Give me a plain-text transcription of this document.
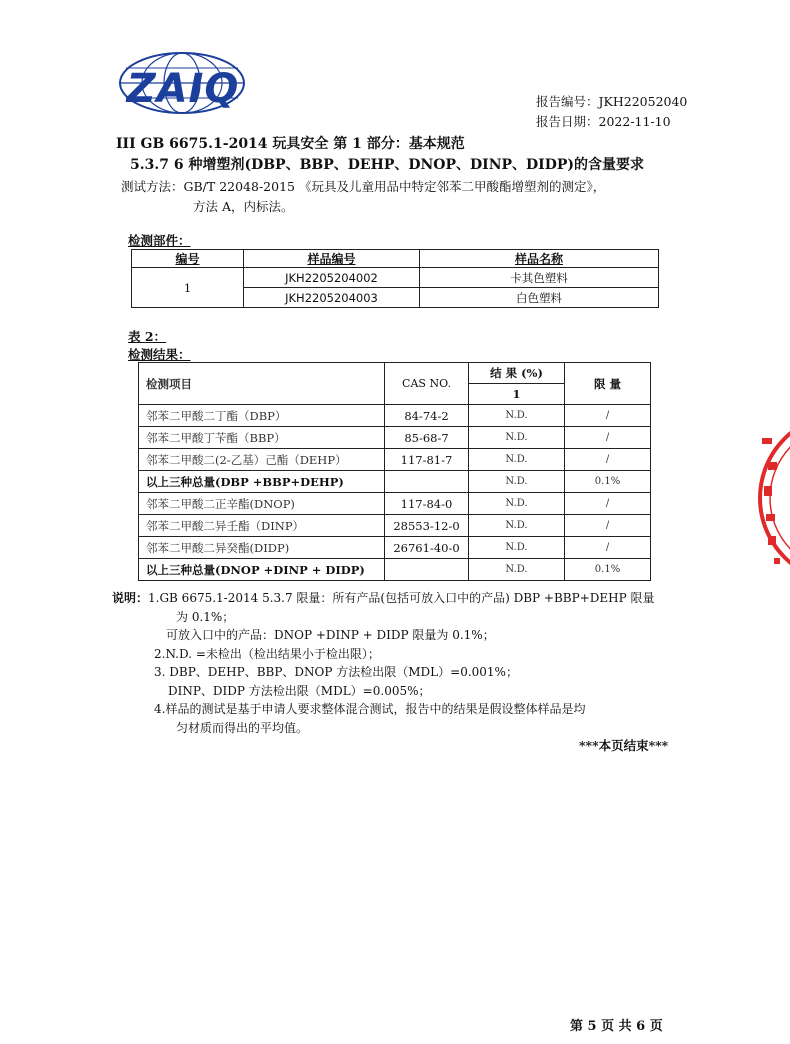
ZAIQ	报告编号：JKH22052040
报告日期：2022-11-10
III GB 6675.1-2014 玩具安全 第 1 部分：基本规范
5.3.7 6 种增塑剂(DBP、BBP、DEHP、DNOP、DINP、DIDP)的含量要求
测试方法：GB/T 22048-2015 《玩具及儿童用品中特定邻苯二甲酸酯增塑剂的测定》，
方法 A，内标法。
检测部件：
编号	样品编号	样品名称
1	JKH2205204002	卡其色塑料
	JKH2205204003	白色塑料
表 2：
检测结果：
检测项目	CAS NO.	结 果 (%)	限 量
		1	
邻苯二甲酸二丁酯（DBP）	84-74-2	N.D.	/
邻苯二甲酸丁苄酯（BBP）	85-68-7	N.D.	/
邻苯二甲酸二(2-乙基）己酯（DEHP）	117-81-7	N.D.	/
以上三种总量(DBP +BBP+DEHP)		N.D.	0.1%
邻苯二甲酸二正辛酯(DNOP)	117-84-0	N.D.	/
邻苯二甲酸二异壬酯（DINP）	28553-12-0	N.D.	/
邻苯二甲酸二异癸酯(DIDP)	26761-40-0	N.D.	/
以上三种总量(DNOP +DINP + DIDP)		N.D.	0.1%
说明：1.GB 6675.1-2014 5.3.7 限量：所有产品(包括可放入口中的产品) DBP +BBP+DEHP 限量
为 0.1%；
可放入口中的产品：DNOP +DINP + DIDP 限量为 0.1%；
2.N.D. =未检出（检出结果小于检出限）；
3. DBP、DEHP、BBP、DNOP 方法检出限（MDL）=0.001%；
DINP、DIDP 方法检出限（MDL）=0.005%；
4.样品的测试是基于申请人要求整体混合测试，报告中的结果是假设整体样品是均
匀材质而得出的平均值。
***本页结束***
第 5 页 共 6 页
